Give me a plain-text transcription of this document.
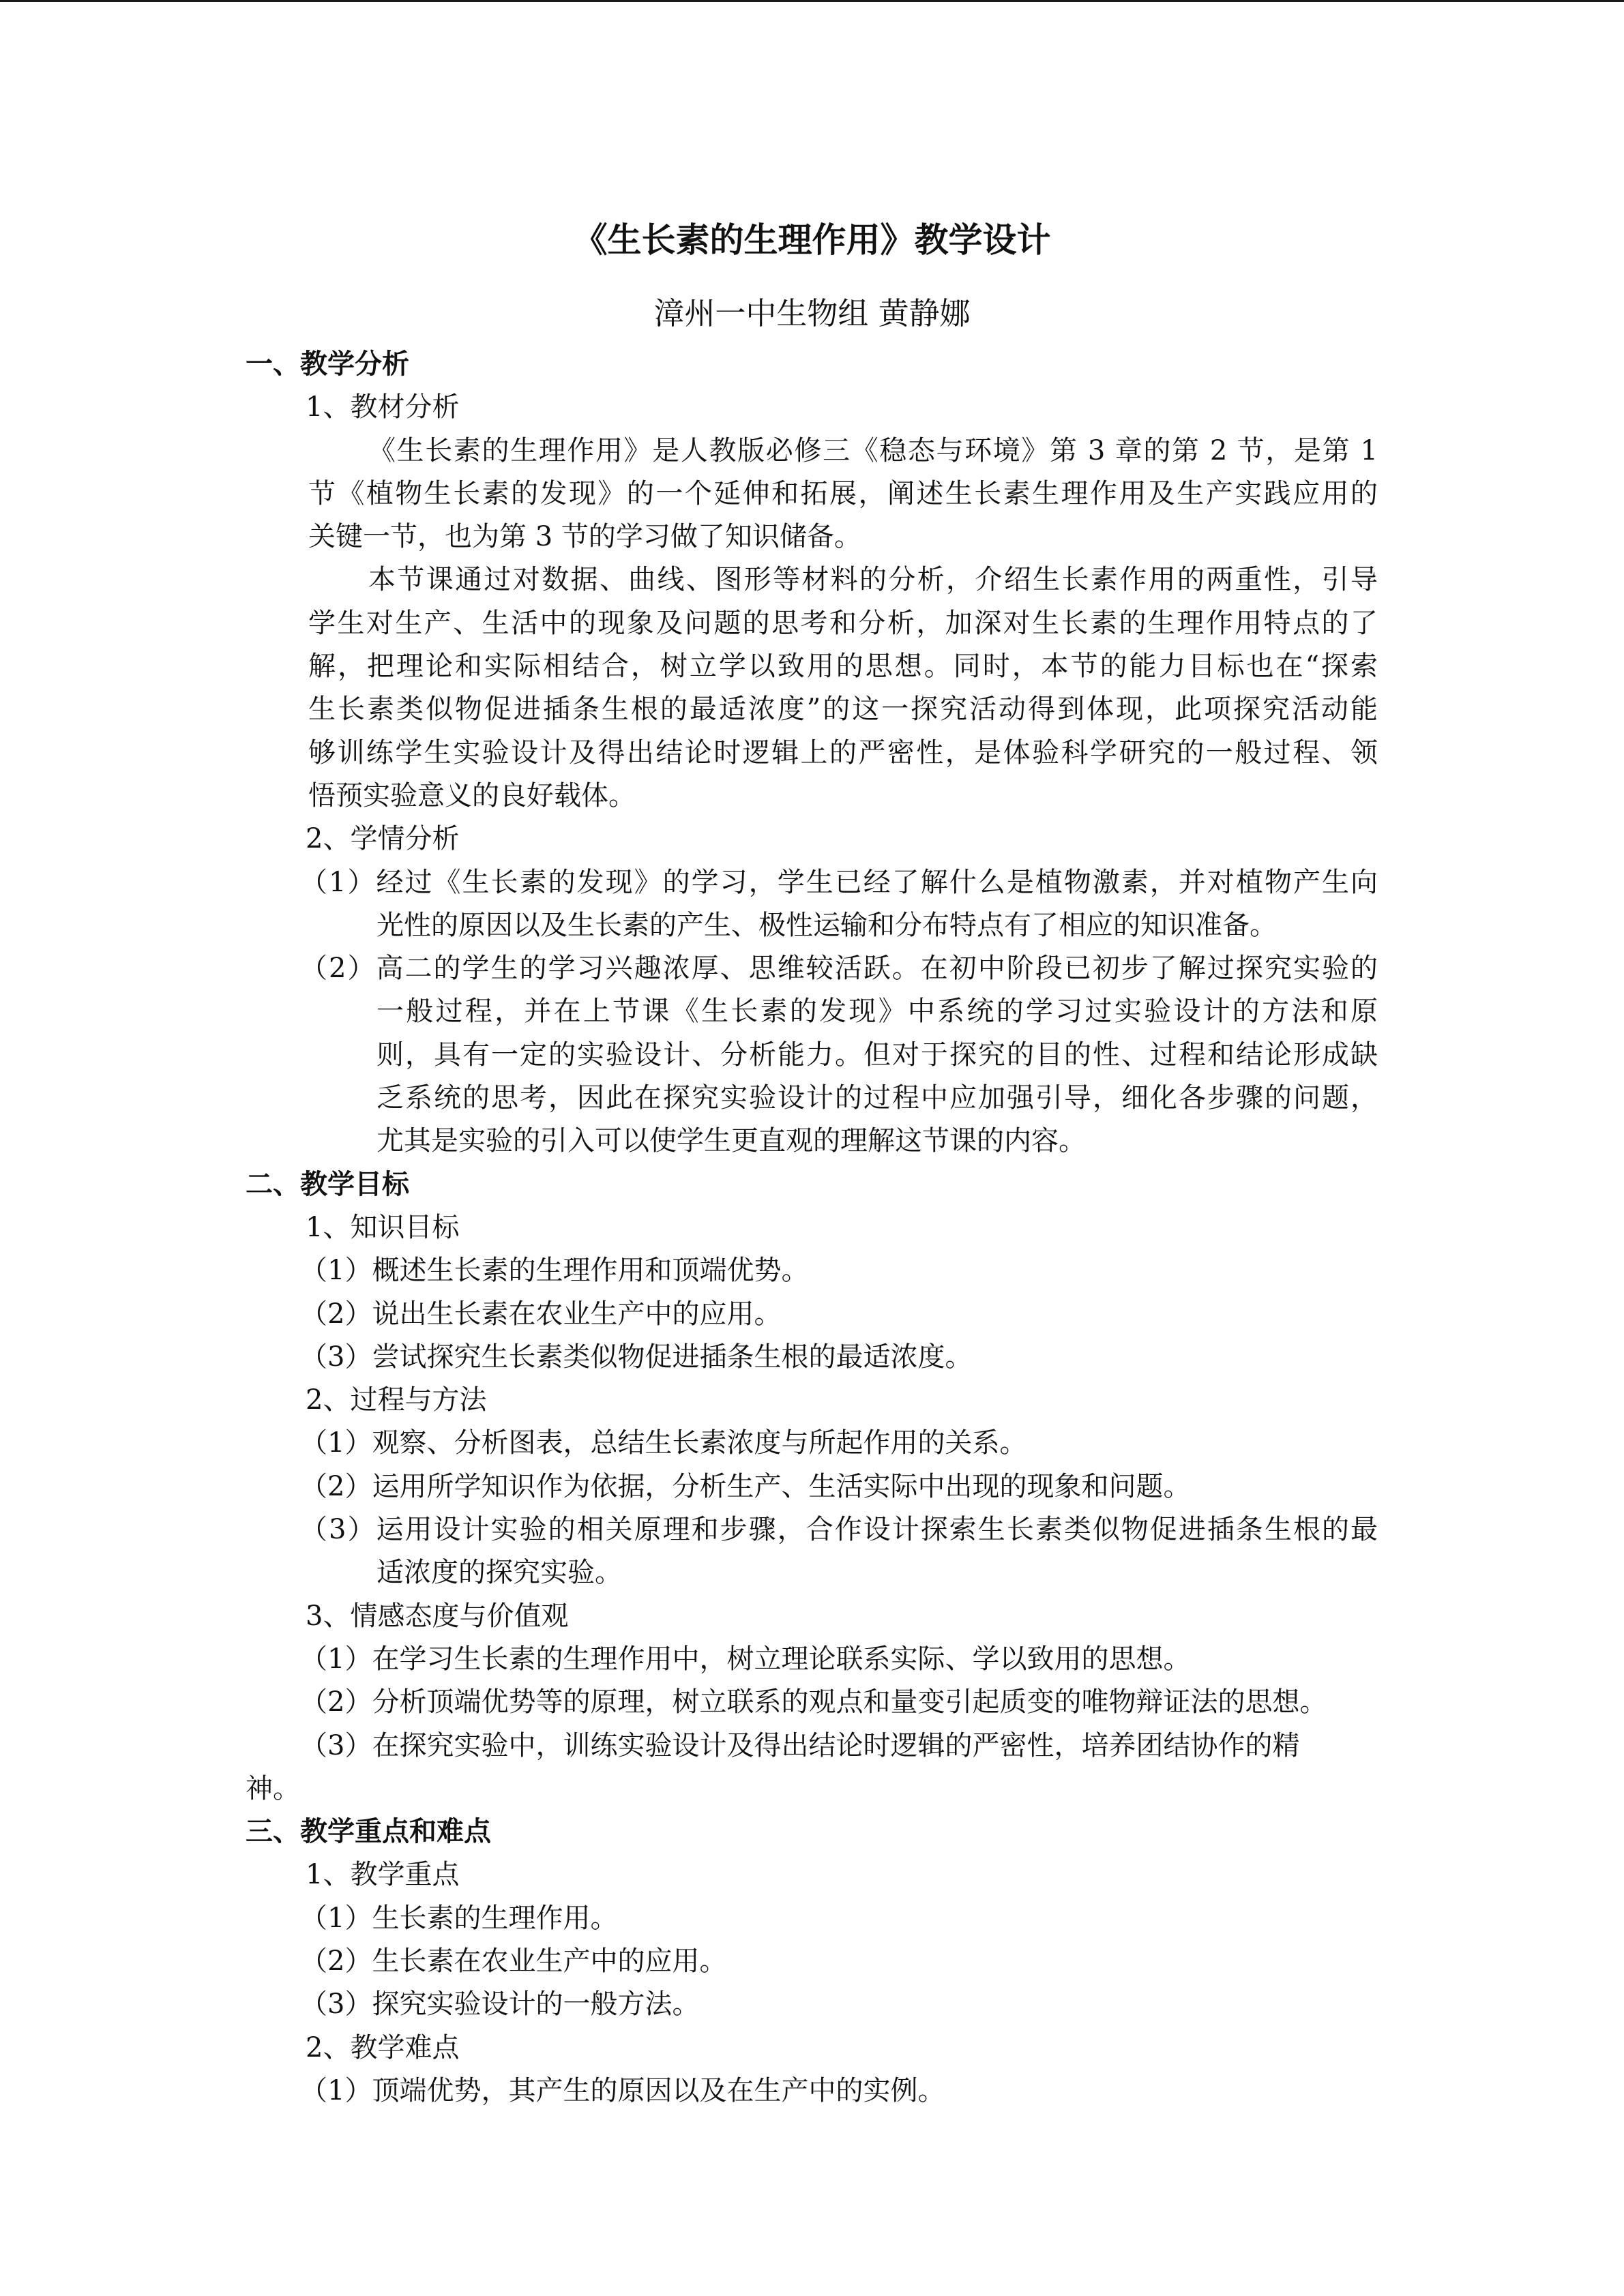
《生长素的生理作用》教学设计
漳州一中生物组 黄静娜
一、教学分析
1、教材分析
《生长素的生理作用》是人教版必修三《稳态与环境》第 3 章的第 2 节，是第 1
节《植物生长素的发现》的一个延伸和拓展，阐述生长素生理作用及生产实践应用的
关键一节，也为第 3 节的学习做了知识储备。
本节课通过对数据、曲线、图形等材料的分析，介绍生长素作用的两重性，引导
学生对生产、生活中的现象及问题的思考和分析，加深对生长素的生理作用特点的了
解，把理论和实际相结合，树立学以致用的思想。同时，本节的能力目标也在“探索
生长素类似物促进插条生根的最适浓度”的这一探究活动得到体现，此项探究活动能
够训练学生实验设计及得出结论时逻辑上的严密性，是体验科学研究的一般过程、领
悟预实验意义的良好载体。
2、学情分析
（1）经过《生长素的发现》的学习，学生已经了解什么是植物激素，并对植物产生向
光性的原因以及生长素的产生、极性运输和分布特点有了相应的知识准备。
（2）高二的学生的学习兴趣浓厚、思维较活跃。在初中阶段已初步了解过探究实验的
一般过程，并在上节课《生长素的发现》中系统的学习过实验设计的方法和原
则，具有一定的实验设计、分析能力。但对于探究的目的性、过程和结论形成缺
乏系统的思考，因此在探究实验设计的过程中应加强引导，细化各步骤的问题，
尤其是实验的引入可以使学生更直观的理解这节课的内容。
二、教学目标
1、知识目标
（1）概述生长素的生理作用和顶端优势。
（2）说出生长素在农业生产中的应用。
（3）尝试探究生长素类似物促进插条生根的最适浓度。
2、过程与方法
（1）观察、分析图表，总结生长素浓度与所起作用的关系。
（2）运用所学知识作为依据，分析生产、生活实际中出现的现象和问题。
（3）运用设计实验的相关原理和步骤，合作设计探索生长素类似物促进插条生根的最
适浓度的探究实验。
3、情感态度与价值观
（1）在学习生长素的生理作用中，树立理论联系实际、学以致用的思想。
（2）分析顶端优势等的原理，树立联系的观点和量变引起质变的唯物辩证法的思想。
（3）在探究实验中，训练实验设计及得出结论时逻辑的严密性，培养团结协作的精
神。
三、教学重点和难点
1、教学重点
（1）生长素的生理作用。
（2）生长素在农业生产中的应用。
（3）探究实验设计的一般方法。
2、教学难点
（1）顶端优势，其产生的原因以及在生产中的实例。
